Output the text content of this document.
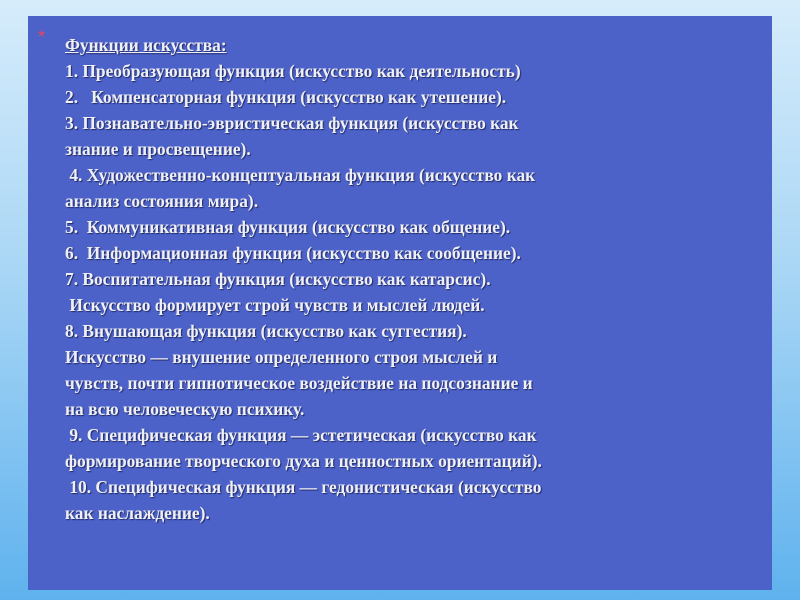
* Функции искусства:
1. Преобразующая функция (искусство как деятельность)
2.   Компенсаторная функция (искусство как утешение).
3. Познавательно-эвристическая функция (искусство как
знание и просвещение).
4. Художественно-концептуальная функция (искусство как
анализ состояния мира).
5.  Коммуникативная функция (искусство как общение).
6.  Информационная функция (искусство как сообщение).
7. Воспитательная функция (искусство как катарсис).
Искусство формирует строй чувств и мыслей людей.
8. Внушающая функция (искусство как суггестия).
Искусство — внушение определенного строя мыслей и
чувств, почти гипнотическое воздействие на подсознание и
на всю человеческую психику.
9. Специфическая функция — эстетическая (искусство как
формирование творческого духа и ценностных ориентаций).
10. Специфическая функция — гедонистическая (искусство
как наслаждение).
